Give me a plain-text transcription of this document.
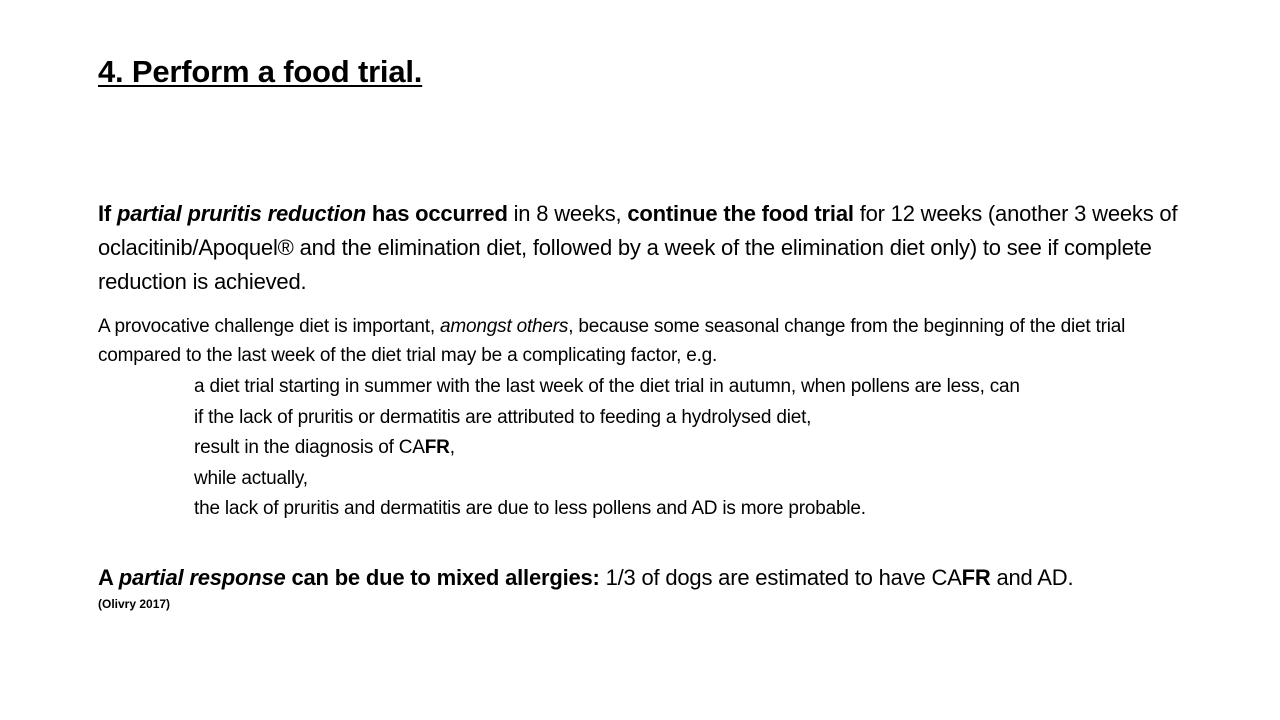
4. Perform a food trial.
If partial pruritis reduction has occurred in 8 weeks, continue the food trial for 12 weeks (another 3 weeks of oclacitinib/Apoquel® and the elimination diet, followed by a week of the elimination diet only) to see if complete reduction is achieved.
A provocative challenge diet is important, amongst others, because some seasonal change from the beginning of the diet trial compared to the last week of the diet trial may be a complicating factor, e.g.
a diet trial starting in summer with the last week of the diet trial in autumn, when pollens are less, can
if the lack of pruritis or dermatitis are attributed to feeding a hydrolysed diet,
result in the diagnosis of CAFR,
while actually,
the lack of pruritis and dermatitis are due to less pollens and AD is more probable.
A partial response can be due to mixed allergies: 1/3 of dogs are estimated to have CAFR and AD.
(Olivry 2017)
